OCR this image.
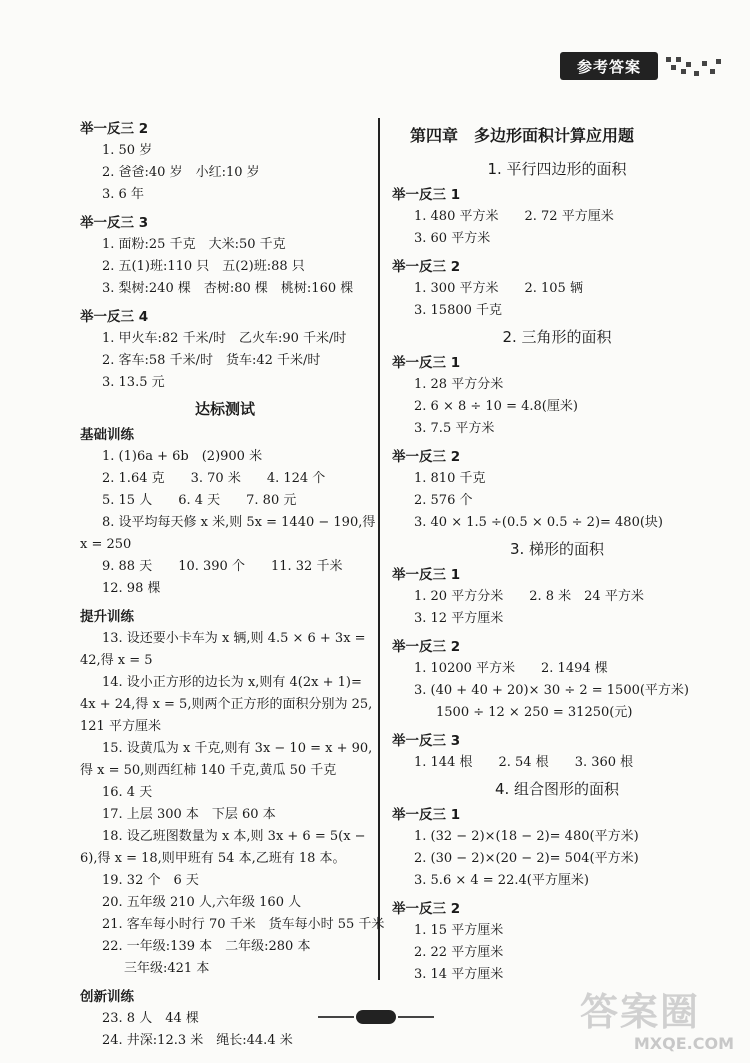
参考答案
举一反三 2
1. 50 岁
2. 爸爸:40 岁　小红:10 岁
3. 6 年
举一反三 3
1. 面粉:25 千克　大米:50 千克
2. 五(1)班:110 只　五(2)班:88 只
3. 梨树:240 棵　杏树:80 棵　桃树:160 棵
举一反三 4
1. 甲火车:82 千米/时　乙火车:90 千米/时
2. 客车:58 千米/时　货车:42 千米/时
3. 13.5 元
达标测试
基础训练
1. (1)6a + 6b　(2)900 米
2. 1.64 克　　3. 70 米　　4. 124 个
5. 15 人　　6. 4 天　　7. 80 元
8. 设平均每天修 x 米,则 5x = 1440 − 190,得
x = 250
9. 88 天　　10. 390 个　　11. 32 千米
12. 98 棵
提升训练
13. 设还要小卡车为 x 辆,则 4.5 × 6 + 3x =
42,得 x = 5
14. 设小正方形的边长为 x,则有 4(2x + 1)=
4x + 24,得 x = 5,则两个正方形的面积分别为 25,
121 平方厘米
15. 设黄瓜为 x 千克,则有 3x − 10 = x + 90,
得 x = 50,则西红柿 140 千克,黄瓜 50 千克
16. 4 天
17. 上层 300 本　下层 60 本
18. 设乙班图数量为 x 本,则 3x + 6 = 5(x −
6),得 x = 18,则甲班有 54 本,乙班有 18 本。
19. 32 个　6 天
20. 五年级 210 人,六年级 160 人
21. 客车每小时行 70 千米　货车每小时 55 千米
22. 一年级:139 本　二年级:280 本
三年级:421 本
创新训练
23. 8 人　44 棵
24. 井深:12.3 米　绳长:44.4 米
第四章　多边形面积计算应用题
1. 平行四边形的面积
举一反三 1
1. 480 平方米　　2. 72 平方厘米
3. 60 平方米
举一反三 2
1. 300 平方米　　2. 105 辆
3. 15800 千克
2. 三角形的面积
举一反三 1
1. 28 平方分米
2. 6 × 8 ÷ 10 = 4.8(厘米)
3. 7.5 平方米
举一反三 2
1. 810 千克
2. 576 个
3. 40 × 1.5 ÷(0.5 × 0.5 ÷ 2)= 480(块)
3. 梯形的面积
举一反三 1
1. 20 平方分米　　2. 8 米　24 平方米
3. 12 平方厘米
举一反三 2
1. 10200 平方米　　2. 1494 棵
3. (40 + 40 + 20)× 30 ÷ 2 = 1500(平方米)
1500 ÷ 12 × 250 = 31250(元)
举一反三 3
1. 144 根　　2. 54 根　　3. 360 根
4. 组合图形的面积
举一反三 1
1. (32 − 2)×(18 − 2)= 480(平方米)
2. (30 − 2)×(20 − 2)= 504(平方米)
3. 5.6 × 4 = 22.4(平方厘米)
举一反三 2
1. 15 平方厘米
2. 22 平方厘米
3. 14 平方厘米
答案圈
MXQE.COM
